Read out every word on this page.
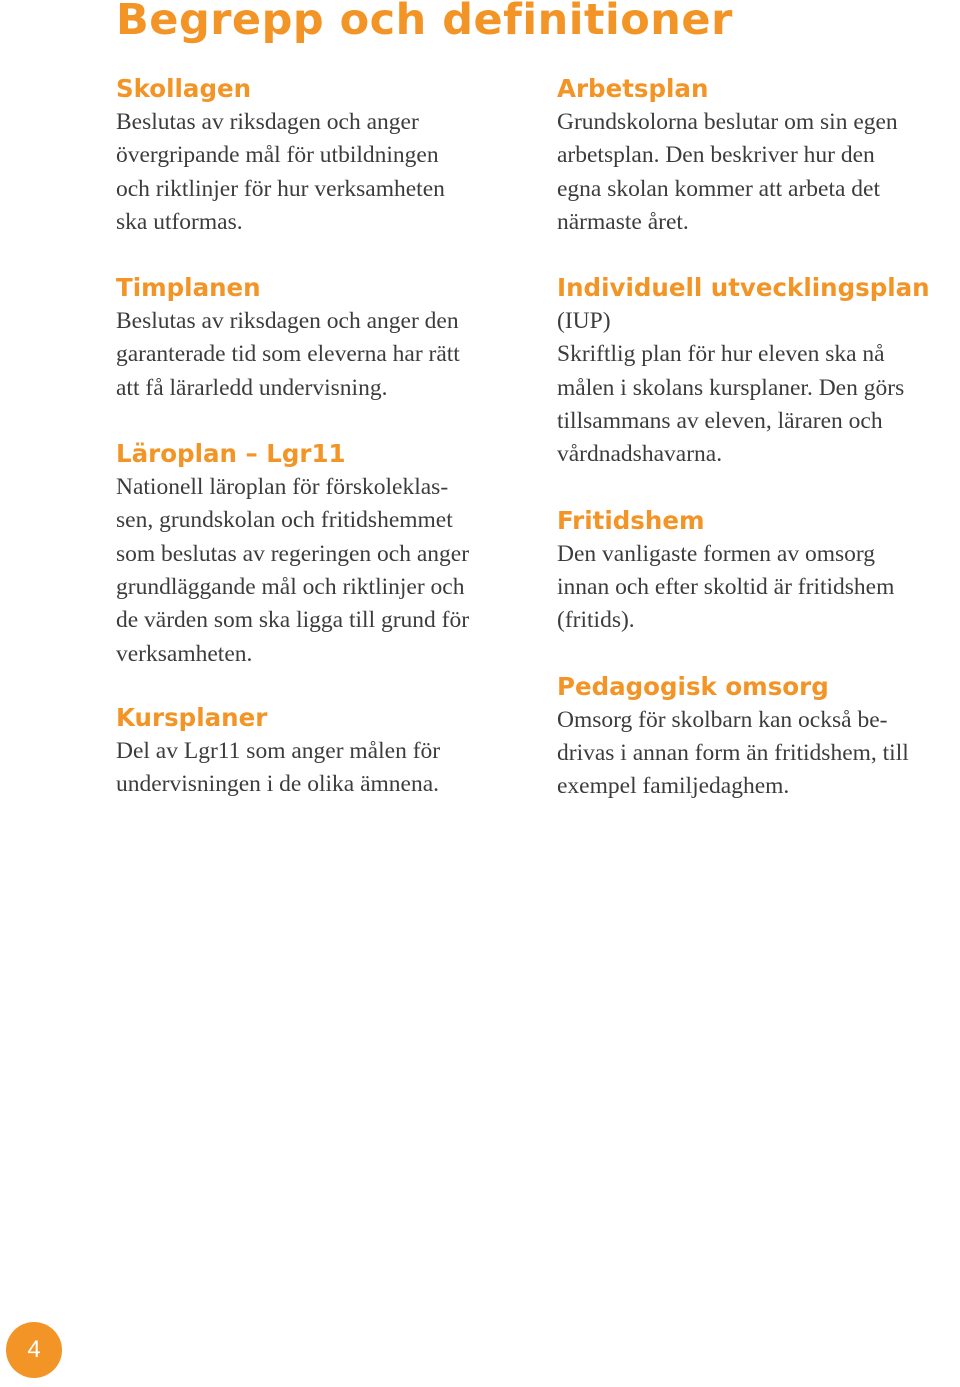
Begrepp och definitioner
Skollagen

Beslutas av riksdagen och anger
övergripande mål för utbildningen
och riktlinjer för hur verksamheten
ska utformas.

Timplanen

Beslutas av riksdagen och anger den
garanterade tid som eleverna har rätt
att få lärarledd undervisning.

Läroplan – Lgr11

Nationell läroplan för förskoleklas-
sen, grundskolan och fritidshemmet
som beslutas av regeringen och anger
grundläggande mål och riktlinjer och
de värden som ska ligga till grund för
verksamheten.

Kursplaner

Del av Lgr11 som anger målen för
undervisningen i de olika ämnena.

Arbetsplan

Grundskolorna beslutar om sin egen
arbetsplan. Den beskriver hur den
egna skolan kommer att arbeta det
närmaste året.

Individuell utvecklingsplan

(IUP)
Skriftlig plan för hur eleven ska nå
målen i skolans kursplaner. Den görs
tillsammans av eleven, läraren och
vårdnadshavarna.

Fritidshem

Den vanligaste formen av omsorg
innan och efter skoltid är fritidshem
(fritids).

Pedagogisk omsorg

Omsorg för skolbarn kan också be-
drivas i annan form än fritidshem, till
exempel familjedaghem.

4
